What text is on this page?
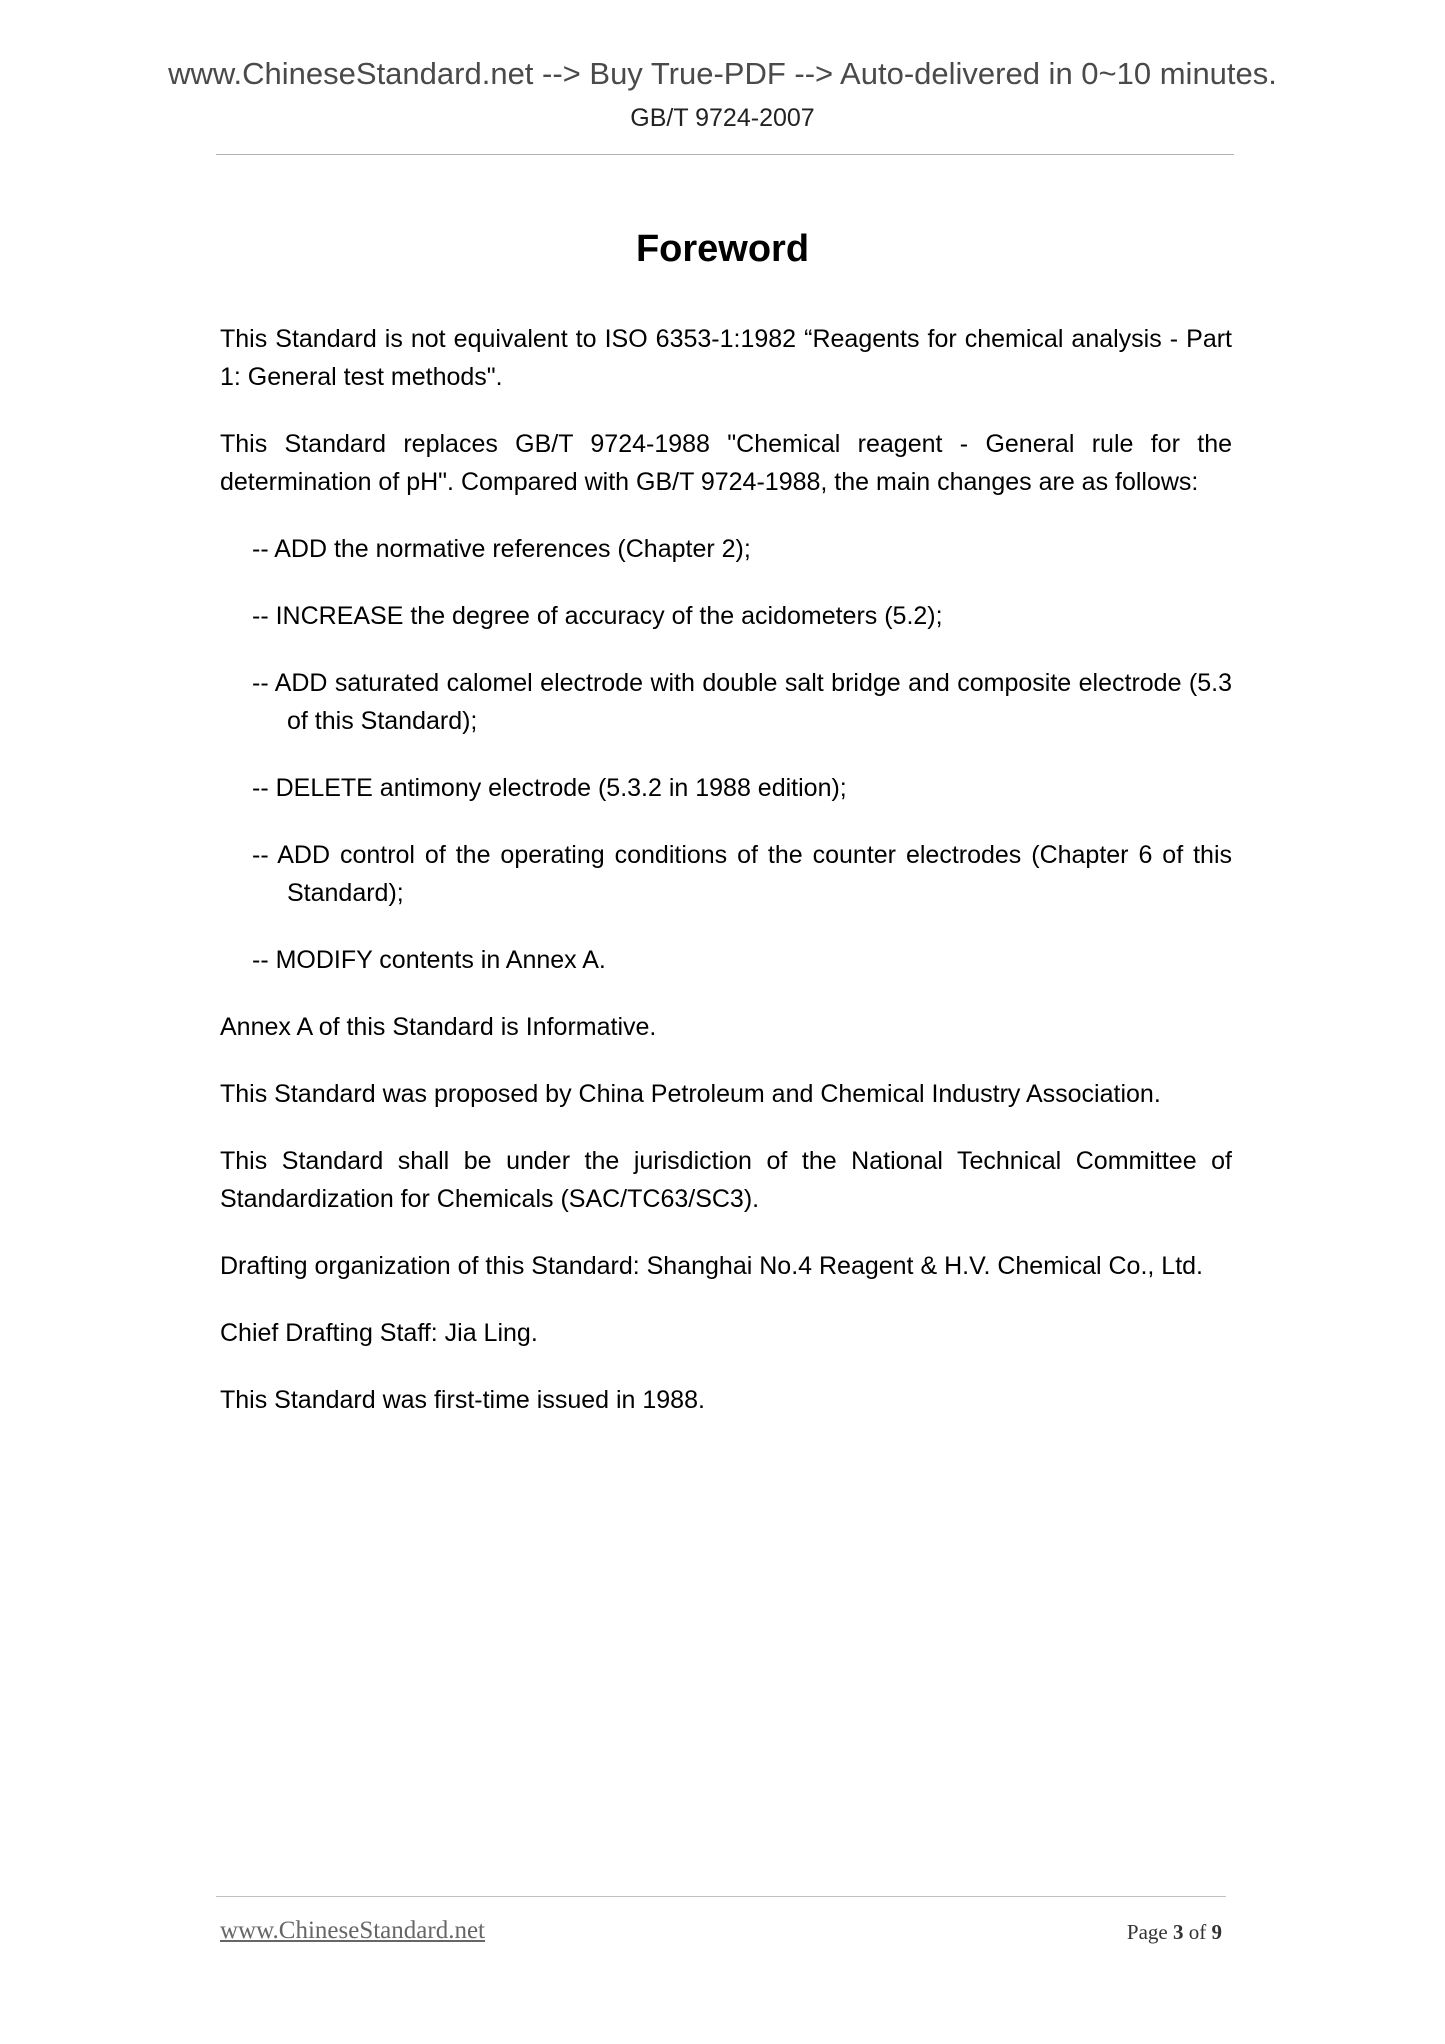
www.ChineseStandard.net --> Buy True-PDF --> Auto-delivered in 0~10 minutes.
GB/T 9724-2007
Foreword

This Standard is not equivalent to ISO 6353-1:1982 “Reagents for chemical analysis - Part 1: General test methods".

This Standard replaces GB/T 9724-1988 "Chemical reagent - General rule for the determination of pH". Compared with GB/T 9724-1988, the main changes are as follows:

-- ADD the normative references (Chapter 2);

-- INCREASE the degree of accuracy of the acidometers (5.2);

-- ADD saturated calomel electrode with double salt bridge and composite electrode (5.3 of this Standard);

-- DELETE antimony electrode (5.3.2 in 1988 edition);

-- ADD control of the operating conditions of the counter electrodes (Chapter 6 of this Standard);

-- MODIFY contents in Annex A.

Annex A of this Standard is Informative.

This Standard was proposed by China Petroleum and Chemical Industry Association.

This Standard shall be under the jurisdiction of the National Technical Committee of Standardization for Chemicals (SAC/TC63/SC3).

Drafting organization of this Standard: Shanghai No.4 Reagent & H.V. Chemical Co., Ltd.

Chief Drafting Staff: Jia Ling.

This Standard was first-time issued in 1988.

www.ChineseStandard.net	Page 3 of 9
